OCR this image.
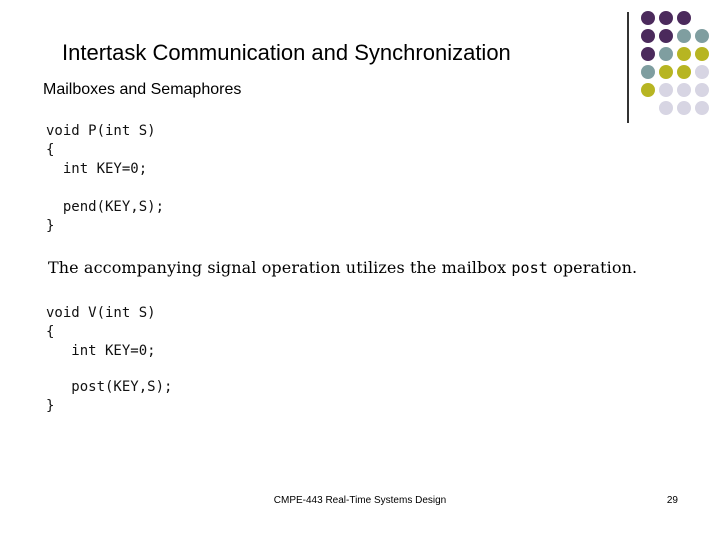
Intertask Communication and Synchronization
Mailboxes and Semaphores
void P(int S)
{
int KEY=0;
pend(KEY,S);
}
The accompanying signal operation utilizes the mailbox post operation.
void V(int S)
{
int KEY=0;
post(KEY,S);
}
CMPE-443 Real-Time Systems Design	29
